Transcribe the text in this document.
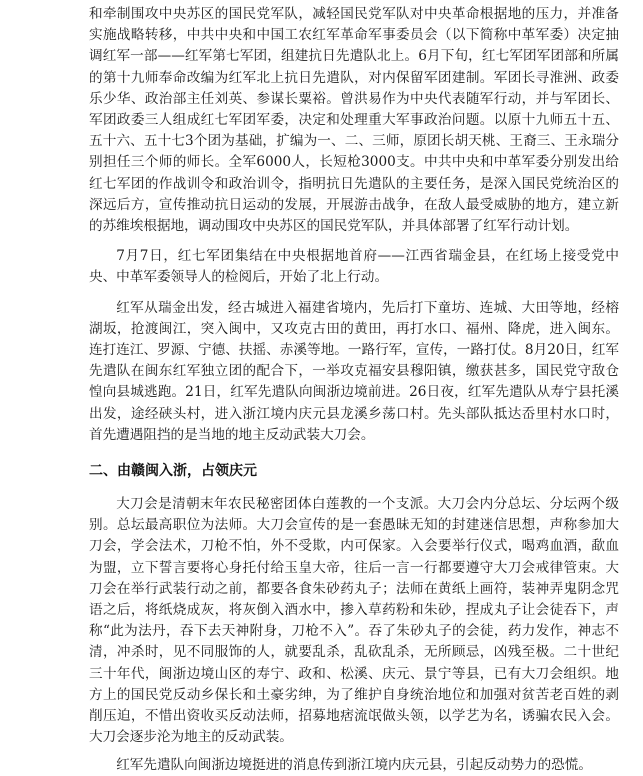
和牵制围攻中央苏区的国民党军队，减轻国民党军队对中央革命根据地的压力，并准备实施战略转移，中共中央和中国工农红军革命军事委员会（以下简称中革军委）决定抽调红军一部——红军第七军团，组建抗日先遣队北上。6月下旬，红七军团军团部和所属的第十九师奉命改编为红军北上抗日先遣队，对内保留军团建制。军团长寻淮洲、政委乐少华、政治部主任刘英、参谋长粟裕。曾洪易作为中央代表随军行动，并与军团长、军团政委三人组成红七军团军委，决定和处理重大军事政治问题。以原十九师五十五、五十六、五十七3个团为基础，扩编为一、二、三师，原团长胡天桃、王裔三、王永瑞分别担任三个师的师长。全军6000人，长短枪3000支。中共中央和中革军委分别发出给红七军团的作战训令和政治训令，指明抗日先遣队的主要任务，是深入国民党统治区的深远后方，宣传推动抗日运动的发展，开展游击战争，在敌人最受威胁的地方，建立新的苏维埃根据地，调动围攻中央苏区的国民党军队，并具体部署了红军行动计划。

7月7日，红七军团集结在中央根据地首府——江西省瑞金县，在红场上接受党中央、中革军委领导人的检阅后，开始了北上行动。

红军从瑞金出发，经古城进入福建省境内，先后打下童坊、连城、大田等地，经榕湖坂，抢渡闽江，突入闽中，又攻克古田的黄田，再打水口、福州、降虎，进入闽东。连打连江、罗源、宁德、扶摇、赤溪等地。一路行军，宣传，一路打仗。8月20日，红军先遣队在闽东红军独立团的配合下，一举攻克福安县穆阳镇，缴获甚多，国民党守敌仓惶向县城逃跑。21日，红军先遣队向闽浙边境前进。26日夜，红军先遣队从寿宁县托溪出发，途经硖头村，进入浙江境内庆元县龙溪乡荡口村。先头部队抵达岙里村水口时，首先遭遇阻挡的是当地的地主反动武装大刀会。

二、由赣闽入浙，占领庆元

大刀会是清朝末年农民秘密团体白莲教的一个支派。大刀会内分总坛、分坛两个级别。总坛最高职位为法师。大刀会宣传的是一套愚昧无知的封建迷信思想，声称参加大刀会，学会法术，刀枪不怕，外不受欺，内可保家。入会要举行仪式，喝鸡血酒，歃血为盟，立下誓言要将心身托付给玉皇大帝，往后一言一行都要遵守大刀会戒律管束。大刀会在举行武装行动之前，都要各食朱砂药丸子；法师在黄纸上画符，装神弄鬼阴念咒语之后，将纸烧成灰，将灰倒入酒水中，掺入草药粉和朱砂，捏成丸子让会徒吞下，声称“此为法丹，吞下去天神附身，刀枪不入”。吞了朱砂丸子的会徒，药力发作，神志不清，冲杀时，见不同服饰的人，就要乱杀，乱砍乱杀，无所顾忌，凶残至极。二十世纪三十年代，闽浙边境山区的寿宁、政和、松溪、庆元、景宁等县，已有大刀会组织。地方上的国民党反动乡保长和土豪劣绅，为了维护自身统治地位和加强对贫苦老百姓的剥削压迫，不惜出资收买反动法师，招募地痞流氓做头领，以学艺为名，诱骗农民入会。大刀会逐步沦为地主的反动武装。

红军先遣队向闽浙边境挺进的消息传到浙江境内庆元县，引起反动势力的恐慌。
